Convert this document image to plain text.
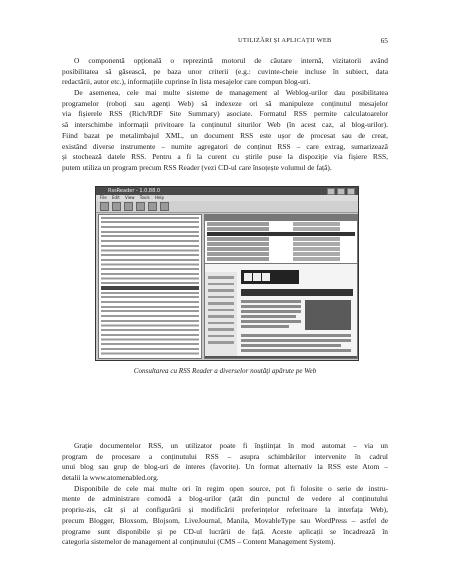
UTILIZĂRI ȘI APLICAȚII WEB	65
O componentă opțională o reprezintă motorul de căutare internă, vizitatorii având
posibilitatea să găsească, pe baza unor criterii (e.g.: cuvinte-cheie incluse în subiect, data
redactării, autor etc.), informațiile cuprinse în lista mesajelor care compun blog-uri.
De asemenea, cele mai multe sisteme de management al Weblog-urilor dau posibilitatea
programelor (roboți sau agenți Web) să indexeze ori să manipuleze conținutul mesajelor
via fișierele RSS (Rich/RDF Site Summary) asociate. Formatul RSS permite calculatoarelor
să interschimbe informații privitoare la conținutul siturilor Web (în acest caz, al blog-urilor).
Fiind bazat pe metalimbajul XML, un document RSS este ușor de procesat sau de creat,
existând diverse instrumente – numite agregatori de conținut RSS – care extrag, sumarizează
și stochează datele RSS. Pentru a fi la curent cu știrile puse la dispoziție via fișiere RSS,
putem utiliza un program precum RSS Reader (vezi CD-ul care însoțește volumul de față).
RssReader - 1.0.88.0
File Edit View Tools Help
Consultarea cu RSS Reader a diverselor noutăți apărute pe Web
Grație documentelor RSS, un utilizator poate fi înștiințat în mod automat – via un
program de procesare a conținutului RSS – asupra schimbărilor intervenite în cadrul
unui blog sau grup de blog-uri de interes (favorite). Un format alternativ la RSS este Atom –
detalii la www.atomenabled.org.
Disponibile de cele mai multe ori în regim open source, pot fi folosite o serie de instru-
mente de administrare comodă a blog-urilor (atât din punctul de vedere al conținutului
propriu-zis, cât și al configurării și modificării preferințelor referitoare la interfața Web),
precum Blogger, Bloxsom, Blojsom, LiveJournal, Manila, MovableType sau WordPress – astfel de
programe sunt disponibile și pe CD-ul lucrării de față. Aceste aplicații se încadrează în
categoria sistemelor de management al conținutului (CMS – Content Management System).
